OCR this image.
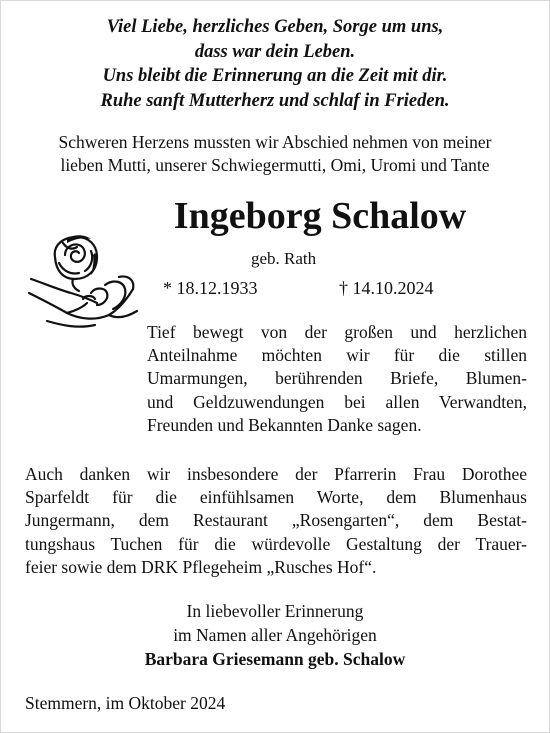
Viel Liebe, herzliches Geben, Sorge um uns,
dass war dein Leben.
Uns bleibt die Erinnerung an die Zeit mit dir.
Ruhe sanft Mutterherz und schlaf in Frieden.
Schweren Herzens mussten wir Abschied nehmen von meiner
lieben Mutti, unserer Schwiegermutti, Omi, Uromi und Tante
Ingeborg Schalow
geb. Rath
* 18.12.1933	† 14.10.2024
Tief bewegt von der großen und herzlichen
Anteilnahme möchten wir für die stillen
Umarmungen, berührenden Briefe, Blumen-
und Geldzuwendungen bei allen Verwandten,
Freunden und Bekannten Danke sagen.
Auch danken wir insbesondere der Pfarrerin Frau Dorothee
Sparfeldt für die einfühlsamen Worte, dem Blumenhaus
Jungermann, dem Restaurant „Rosengarten“, dem Bestat-
tungshaus Tuchen für die würdevolle Gestaltung der Trauer-
feier sowie dem DRK Pflegeheim „Rusches Hof“.
In liebevoller Erinnerung
im Namen aller Angehörigen
Barbara Griesemann geb. Schalow
Stemmern, im Oktober 2024
